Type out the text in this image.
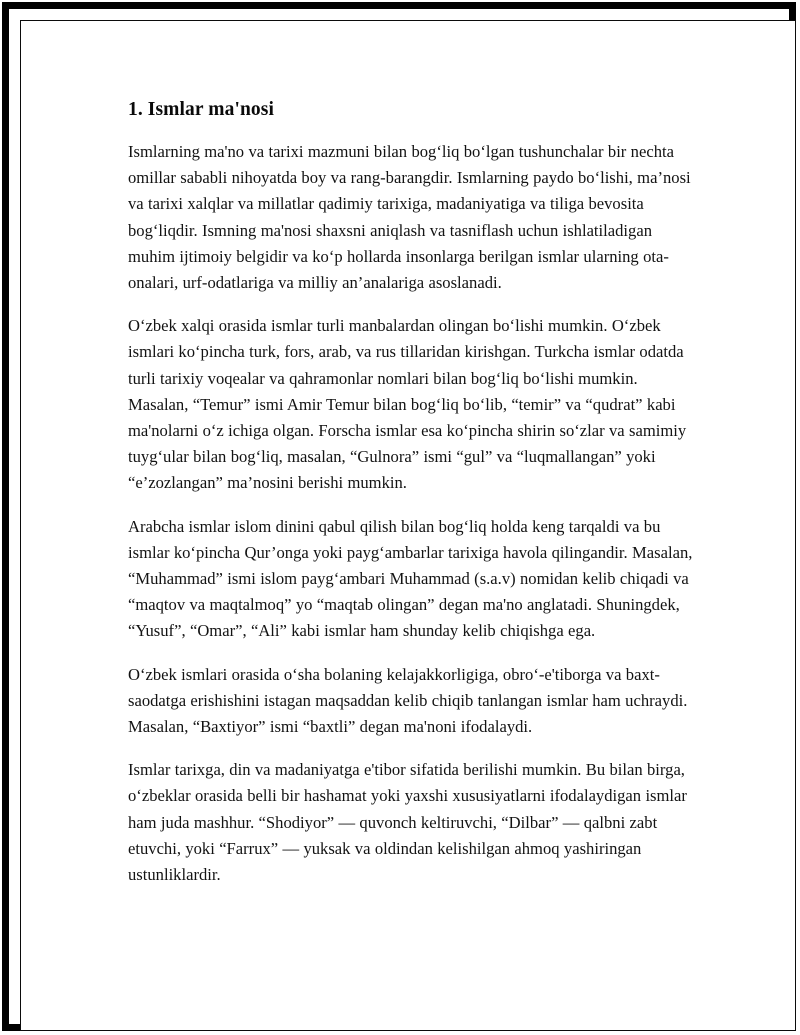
1. Ismlar ma'nosi

Ismlarning ma'no va tarixi mazmuni bilan bog‘liq bo‘lgan tushunchalar bir nechta omillar sababli nihoyatda boy va rang-barangdir. Ismlarning paydo bo‘lishi, ma’nosi va tarixi xalqlar va millatlar qadimiy tarixiga, madaniyatiga va tiliga bevosita bog‘liqdir. Ismning ma'nosi shaxsni aniqlash va tasniflash uchun ishlatiladigan muhim ijtimoiy belgidir va ko‘p hollarda insonlarga berilgan ismlar ularning ota-onalari, urf-odatlariga va milliy an’analariga asoslanadi.

O‘zbek xalqi orasida ismlar turli manbalardan olingan bo‘lishi mumkin. O‘zbek ismlari ko‘pincha turk, fors, arab, va rus tillaridan kirishgan. Turkcha ismlar odatda turli tarixiy voqealar va qahramonlar nomlari bilan bog‘liq bo‘lishi mumkin. Masalan, “Temur” ismi Amir Temur bilan bog‘liq bo‘lib, “temir” va “qudrat” kabi ma'nolarni o‘z ichiga olgan. Forscha ismlar esa ko‘pincha shirin so‘zlar va samimiy tuyg‘ular bilan bog‘liq, masalan, “Gulnora” ismi “gul” va “luqmallangan” yoki “e’zozlangan” ma’nosini berishi mumkin.

Arabcha ismlar islom dinini qabul qilish bilan bog‘liq holda keng tarqaldi va bu ismlar ko‘pincha Qur’onga yoki payg‘ambarlar tarixiga havola qilingandir. Masalan, “Muhammad” ismi islom payg‘ambari Muhammad (s.a.v) nomidan kelib chiqadi va “maqtov va maqtalmoq” yo “maqtab olingan” degan ma'no anglatadi. Shuningdek, “Yusuf”, “Omar”, “Ali” kabi ismlar ham shunday kelib chiqishga ega.

O‘zbek ismlari orasida o‘sha bolaning kelajakkorligiga, obro‘-e'tiborga va baxt-saodatga erishishini istagan maqsaddan kelib chiqib tanlangan ismlar ham uchraydi. Masalan, “Baxtiyor” ismi “baxtli” degan ma'noni ifodalaydi.

Ismlar tarixga, din va madaniyatga e'tibor sifatida berilishi mumkin. Bu bilan birga, o‘zbeklar orasida belli bir hashamat yoki yaxshi xususiyatlarni ifodalaydigan ismlar ham juda mashhur. “Shodiyor” — quvonch keltiruvchi, “Dilbar” — qalbni zabt etuvchi, yoki “Farrux” — yuksak va oldindan kelishilgan ahmoq yashiringan ustunliklardir.
